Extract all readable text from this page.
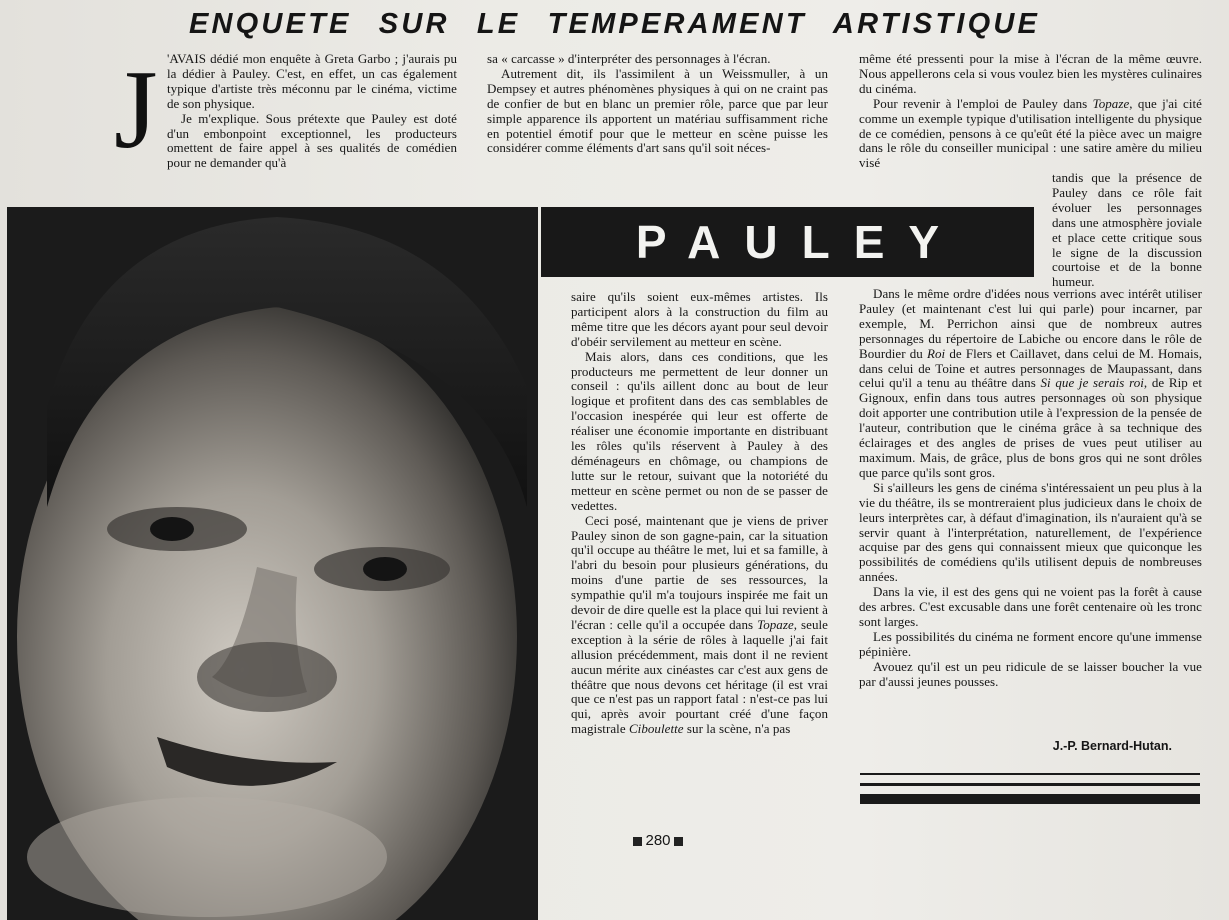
ENQUETE SUR LE TEMPERAMENT ARTISTIQUE
J 'AVAIS dédié mon enquête à Greta Garbo ; j'aurais pu la dédier à Pauley. C'est, en effet, un cas également typique d'artiste très méconnu par le cinéma, victime de son physique.

Je m'explique. Sous prétexte que Pauley est doté d'un embonpoint exceptionnel, les producteurs omettent de faire appel à ses qualités de comédien pour ne demander qu'à

sa « carcasse » d'interpréter des personnages à l'écran.

Autrement dit, ils l'assimilent à un Weissmuller, à un Dempsey et autres phénomènes physiques à qui on ne craint pas de confier de but en blanc un premier rôle, parce que par leur simple apparence ils apportent un matériau suffisamment riche en potentiel émotif pour que le metteur en scène puisse les considérer comme éléments d'art sans qu'il soit néces-

même été pressenti pour la mise à l'écran de la même œuvre. Nous appellerons cela si vous voulez bien les mystères culinaires du cinéma.

Pour revenir à l'emploi de Pauley dans Topaze, que j'ai cité comme un exemple typique d'utilisation intelligente du physique de ce comédien, pensons à ce qu'eût été la pièce avec un maigre dans le rôle du conseiller municipal : une satire amère du milieu visé

tandis que la présence de Pauley dans ce rôle fait évoluer les personnages dans une atmosphère joviale et place cette critique sous le signe de la discussion courtoise et de la bonne humeur.

PAULEY

saire qu'ils soient eux-mêmes artistes. Ils participent alors à la construction du film au même titre que les décors ayant pour seul devoir d'obéir servilement au metteur en scène.

Mais alors, dans ces conditions, que les producteurs me permettent de leur donner un conseil : qu'ils aillent donc au bout de leur logique et profitent dans des cas semblables de l'occasion inespérée qui leur est offerte de réaliser une économie importante en distribuant les rôles qu'ils réservent à Pauley à des déménageurs en chômage, ou champions de lutte sur le retour, suivant que la notoriété du metteur en scène permet ou non de se passer de vedettes.

Ceci posé, maintenant que je viens de priver Pauley sinon de son gagne-pain, car la situation qu'il occupe au théâtre le met, lui et sa famille, à l'abri du besoin pour plusieurs générations, du moins d'une partie de ses ressources, la sympathie qu'il m'a toujours inspirée me fait un devoir de dire quelle est la place qui lui revient à l'écran : celle qu'il a occupée dans Topaze, seule exception à la série de rôles à laquelle j'ai fait allusion précédemment, mais dont il ne revient aucun mérite aux cinéastes car c'est aux gens de théâtre que nous devons cet héritage (il est vrai que ce n'est pas un rapport fatal : n'est-ce pas lui qui, après avoir pourtant créé d'une façon magistrale Ciboulette sur la scène, n'a pas

Dans le même ordre d'idées nous verrions avec intérêt utiliser Pauley (et maintenant c'est lui qui parle) pour incarner, par exemple, M. Perrichon ainsi que de nombreux autres personnages du répertoire de Labiche ou encore dans le rôle de Bourdier du Roi de Flers et Caillavet, dans celui de M. Homais, dans celui de Toine et autres personnages de Maupassant, dans celui qu'il a tenu au théâtre dans Si que je serais roi, de Rip et Gignoux, enfin dans tous autres personnages où son physique doit apporter une contribution utile à l'expression de la pensée de l'auteur, contribution que le cinéma grâce à sa technique des éclairages et des angles de prises de vues peut utiliser au maximum. Mais, de grâce, plus de bons gros qui ne sont drôles que parce qu'ils sont gros.

Si s'ailleurs les gens de cinéma s'intéressaient un peu plus à la vie du théâtre, ils se montreraient plus judicieux dans le choix de leurs interprètes car, à défaut d'imagination, ils n'auraient qu'à se servir quant à l'interprétation, naturellement, de l'expérience acquise par des gens qui connaissent mieux que quiconque les possibilités de comédiens qu'ils utilisent depuis de nombreuses années.

Dans la vie, il est des gens qui ne voient pas la forêt à cause des arbres. C'est excusable dans une forêt centenaire où les tronc sont larges.

Les possibilités du cinéma ne forment encore qu'une immense pépinière.

Avouez qu'il est un peu ridicule de se laisser boucher la vue par d'aussi jeunes pousses.

J.-P. Bernard-Hutan.
280
